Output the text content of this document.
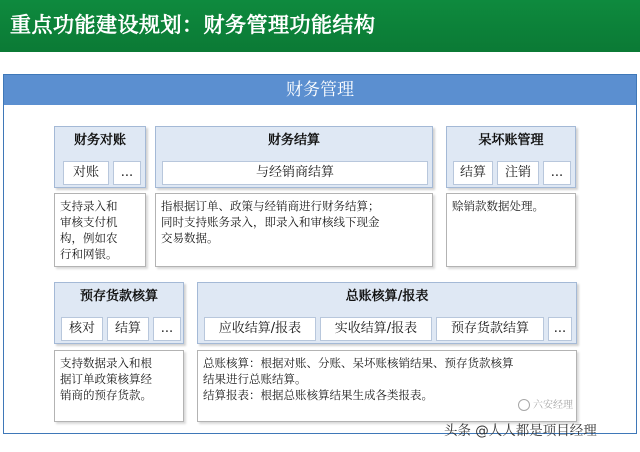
重点功能建设规划：财务管理功能结构
财务管理
财务对账
对账	...
财务结算
与经销商结算
呆坏账管理
结算	注销	...
支持录入和
审核支付机
构，例如农
行和网银。
指根据订单、政策与经销商进行财务结算；
同时支持账务录入，即录入和审核线下现金
交易数据。
赊销款数据处理。
预存货款核算
核对	结算	...
总账核算/报表
应收结算/报表	实收结算/报表	预存货款结算	...
支持数据录入和根
据订单政策核算经
销商的预存货款。
总账核算：根据对账、分账、呆坏账核销结果、预存货款核算
结果进行总账结算。
结算报表：根据总账核算结果生成各类报表。
六安经理
头条 @人人都是项目经理
